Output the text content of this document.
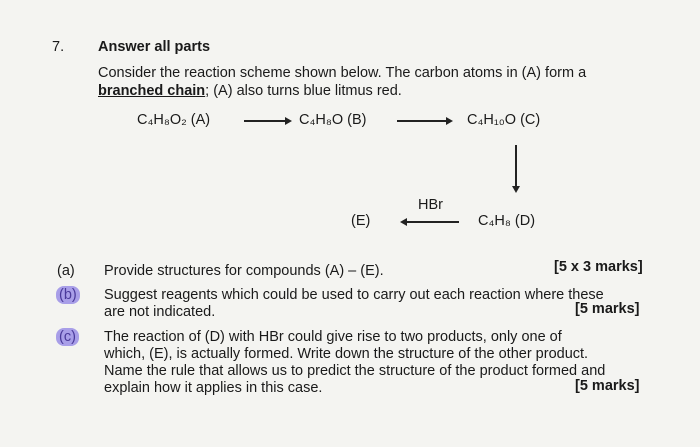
7. Answer all parts
Consider the reaction scheme shown below. The carbon atoms in (A) form a
branched chain; (A) also turns blue litmus red.
C₄H₈O₂ (A)	C₄H₈O (B)	C₄H₁₀O (C)
HBr
(E)	C₄H₈ (D)
(a) Provide structures for compounds (A) – (E).	[5 x 3 marks]
(b) Suggest reagents which could be used to carry out each reaction where these
are not indicated.	[5 marks]
(c) The reaction of (D) with HBr could give rise to two products, only one of
which, (E), is actually formed. Write down the structure of the other product.
Name the rule that allows us to predict the structure of the product formed and
explain how it applies in this case.	[5 marks]
